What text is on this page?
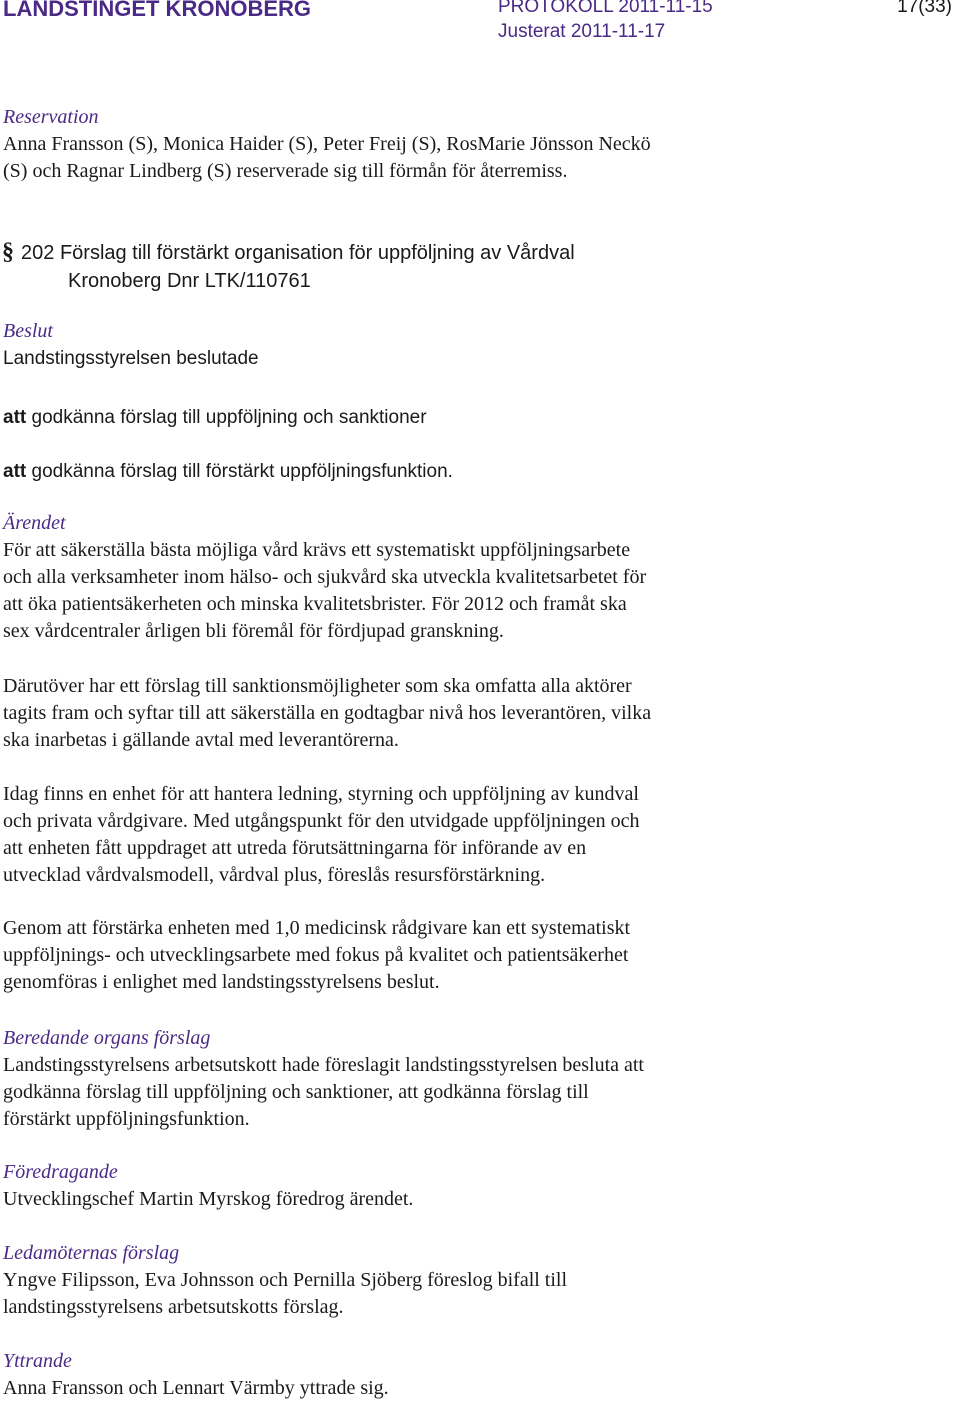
LANDSTINGET KRONOBERG	PROTOKOLL 2011-11-15
Justerat 2011-11-17
17(33)
Reservation
Anna Fransson (S), Monica Haider (S), Peter Freij (S), RosMarie Jönsson Neckö
(S) och Ragnar Lindberg (S) reserverade sig till förmån för återremiss.
§ 202 Förslag till förstärkt organisation för uppföljning av Vårdval
Kronoberg Dnr LTK/110761
Beslut
Landstingsstyrelsen beslutade
att godkänna förslag till uppföljning och sanktioner
att godkänna förslag till förstärkt uppföljningsfunktion.
Ärendet
För att säkerställa bästa möjliga vård krävs ett systematiskt uppföljningsarbete
och alla verksamheter inom hälso- och sjukvård ska utveckla kvalitetsarbetet för
att öka patientsäkerheten och minska kvalitetsbrister. För 2012 och framåt ska
sex vårdcentraler årligen bli föremål för fördjupad granskning.
Därutöver har ett förslag till sanktionsmöjligheter som ska omfatta alla aktörer
tagits fram och syftar till att säkerställa en godtagbar nivå hos leverantören, vilka
ska inarbetas i gällande avtal med leverantörerna.
Idag finns en enhet för att hantera ledning, styrning och uppföljning av kundval
och privata vårdgivare. Med utgångspunkt för den utvidgade uppföljningen och
att enheten fått uppdraget att utreda förutsättningarna för införande av en
utvecklad vårdvalsmodell, vårdval plus, föreslås resursförstärkning.
Genom att förstärka enheten med 1,0 medicinsk rådgivare kan ett systematiskt
uppföljnings- och utvecklingsarbete med fokus på kvalitet och patientsäkerhet
genomföras i enlighet med landstingsstyrelsens beslut.
Beredande organs förslag
Landstingsstyrelsens arbetsutskott hade föreslagit landstingsstyrelsen besluta att
godkänna förslag till uppföljning och sanktioner, att godkänna förslag till
förstärkt uppföljningsfunktion.
Föredragande
Utvecklingschef Martin Myrskog föredrog ärendet.
Ledamöternas förslag
Yngve Filipsson, Eva Johnsson och Pernilla Sjöberg föreslog bifall till
landstingsstyrelsens arbetsutskotts förslag.
Yttrande
Anna Fransson och Lennart Värmby yttrade sig.
